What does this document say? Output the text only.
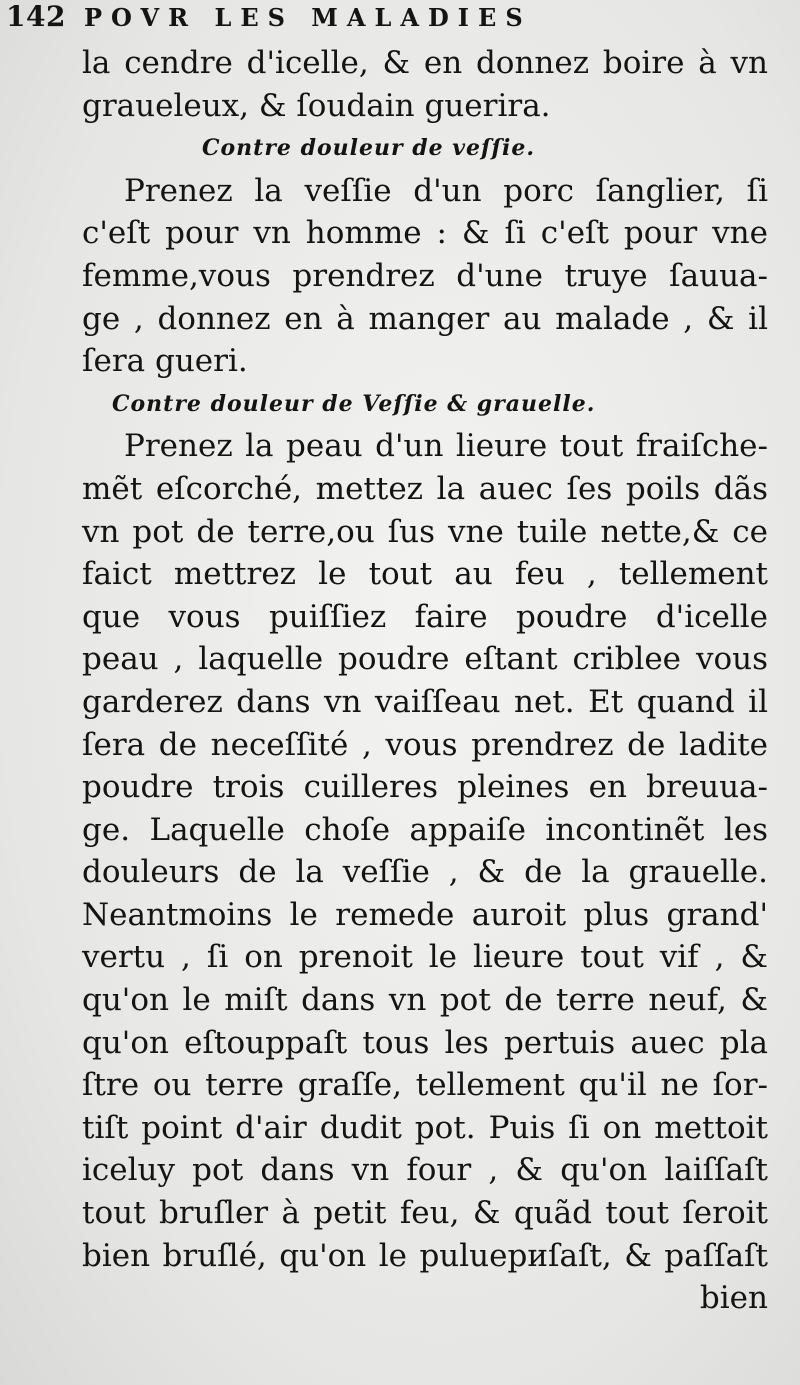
142 POVR LES MALADIES
la cendre d'icelle, & en donnez boire à vn
graueleux, & ſoudain guerira.
Contre douleur de veſſie.
Prenez la veſſie d'un porc ſanglier, ſi
c'eſt pour vn homme : & ſi c'eſt pour vne
femme,vous prendrez d'une truye ſauua-
ge , donnez en à manger au malade , & il
ſera gueri.
Contre douleur de Veſſie & grauelle.
Prenez la peau d'un lieure tout fraiſche-
mẽt eſcorché, mettez la auec ſes poils dãs
vn pot de terre,ou ſus vne tuile nette,& ce
faict mettrez le tout au feu , tellement
que vous puiſſiez faire poudre d'icelle
peau , laquelle poudre eſtant criblee vous
garderez dans vn vaiſſeau net. Et quand il
ſera de neceſſité , vous prendrez de ladite
poudre trois cuilleres pleines en breuua-
ge. Laquelle choſe appaiſe incontinẽt les
douleurs de la veſſie , & de la grauelle.
Neantmoins le remede auroit plus grand'
vertu , ſi on prenoit le lieure tout vif , &
qu'on le miſt dans vn pot de terre neuf, &
qu'on eſtouppaſt tous les pertuis auec pla
ſtre ou terre graſſe, tellement qu'il ne ſor-
tiſt point d'air dudit pot. Puis ſi on mettoit
iceluy pot dans vn four , & qu'on laiſſaſt
tout bruſler à petit feu, & quãd tout ſeroit
bien bruſlé, qu'on le puluериſaſt, & paſſaſt
bien
